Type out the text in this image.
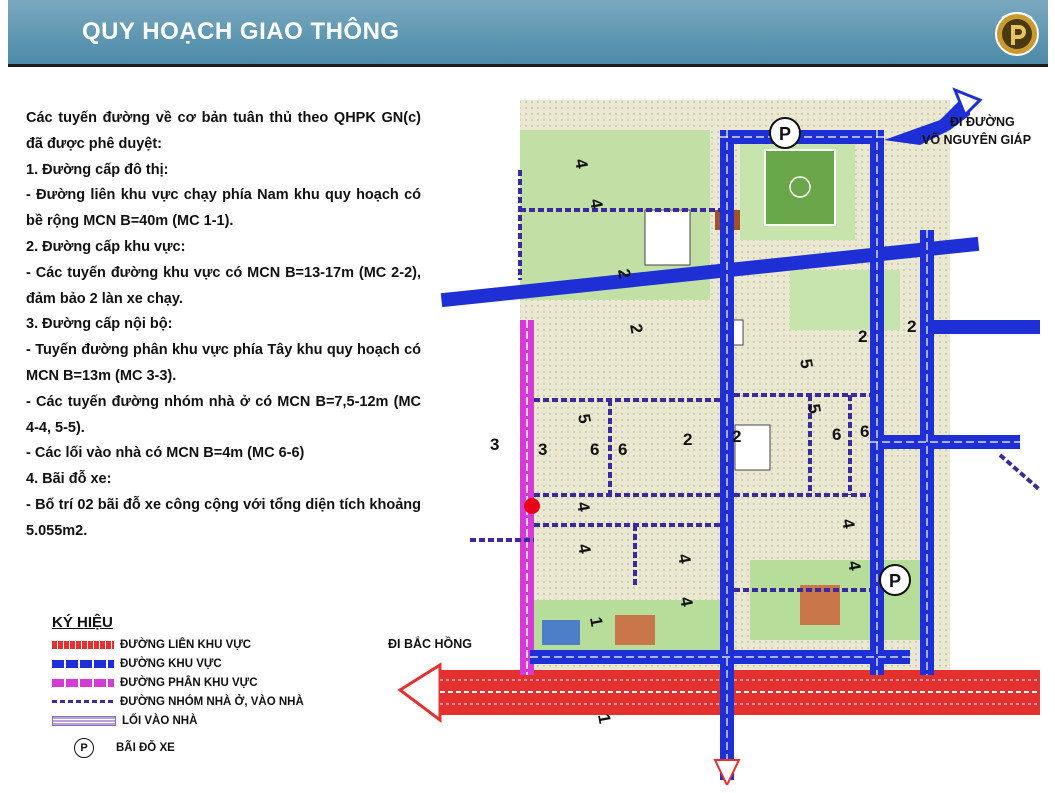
QUY HOẠCH GIAO THÔNG

Các tuyến đường về cơ bản tuân thủ theo QHPK GN(c) đã được phê duyệt:

1. Đường cấp đô thị:

- Đường liên khu vực chạy phía Nam khu quy hoạch có bề rộng MCN B=40m (MC 1-1).

2. Đường cấp khu vực:

- Các tuyến đường khu vực có MCN B=13-17m (MC 2-2), đảm bảo 2 làn xe chạy.

3. Đường cấp nội bộ:

- Tuyến đường phân khu vực phía Tây khu quy hoạch có MCN B=13m (MC 3-3).

- Các tuyến đường nhóm nhà ở có MCN B=7,5-12m (MC 4-4, 5-5).

- Các lối vào nhà có MCN B=4m (MC 6-6)

4. Bãi đỗ xe:

- Bố trí 02 bãi đỗ xe công cộng với tổng diện tích khoảng 5.055m2.

KÝ HIỆU
ĐƯỜNG LIÊN KHU VỰC
ĐƯỜNG KHU VỰC
ĐƯỜNG PHÂN KHU VỰC
ĐƯỜNG NHÓM NHÀ Ở, VÀO NHÀ
LỐI VÀO NHÀ
P	BÃI ĐỖ XE
P
P
4
4
2
2	2
2
5
3 3
5
6 6
2 2
5
6 6
4
4
4
4
4
4
1
1
ĐI ĐƯỜNG
VÕ NGUYÊN GIÁP
ĐI BẮC HỒNG
